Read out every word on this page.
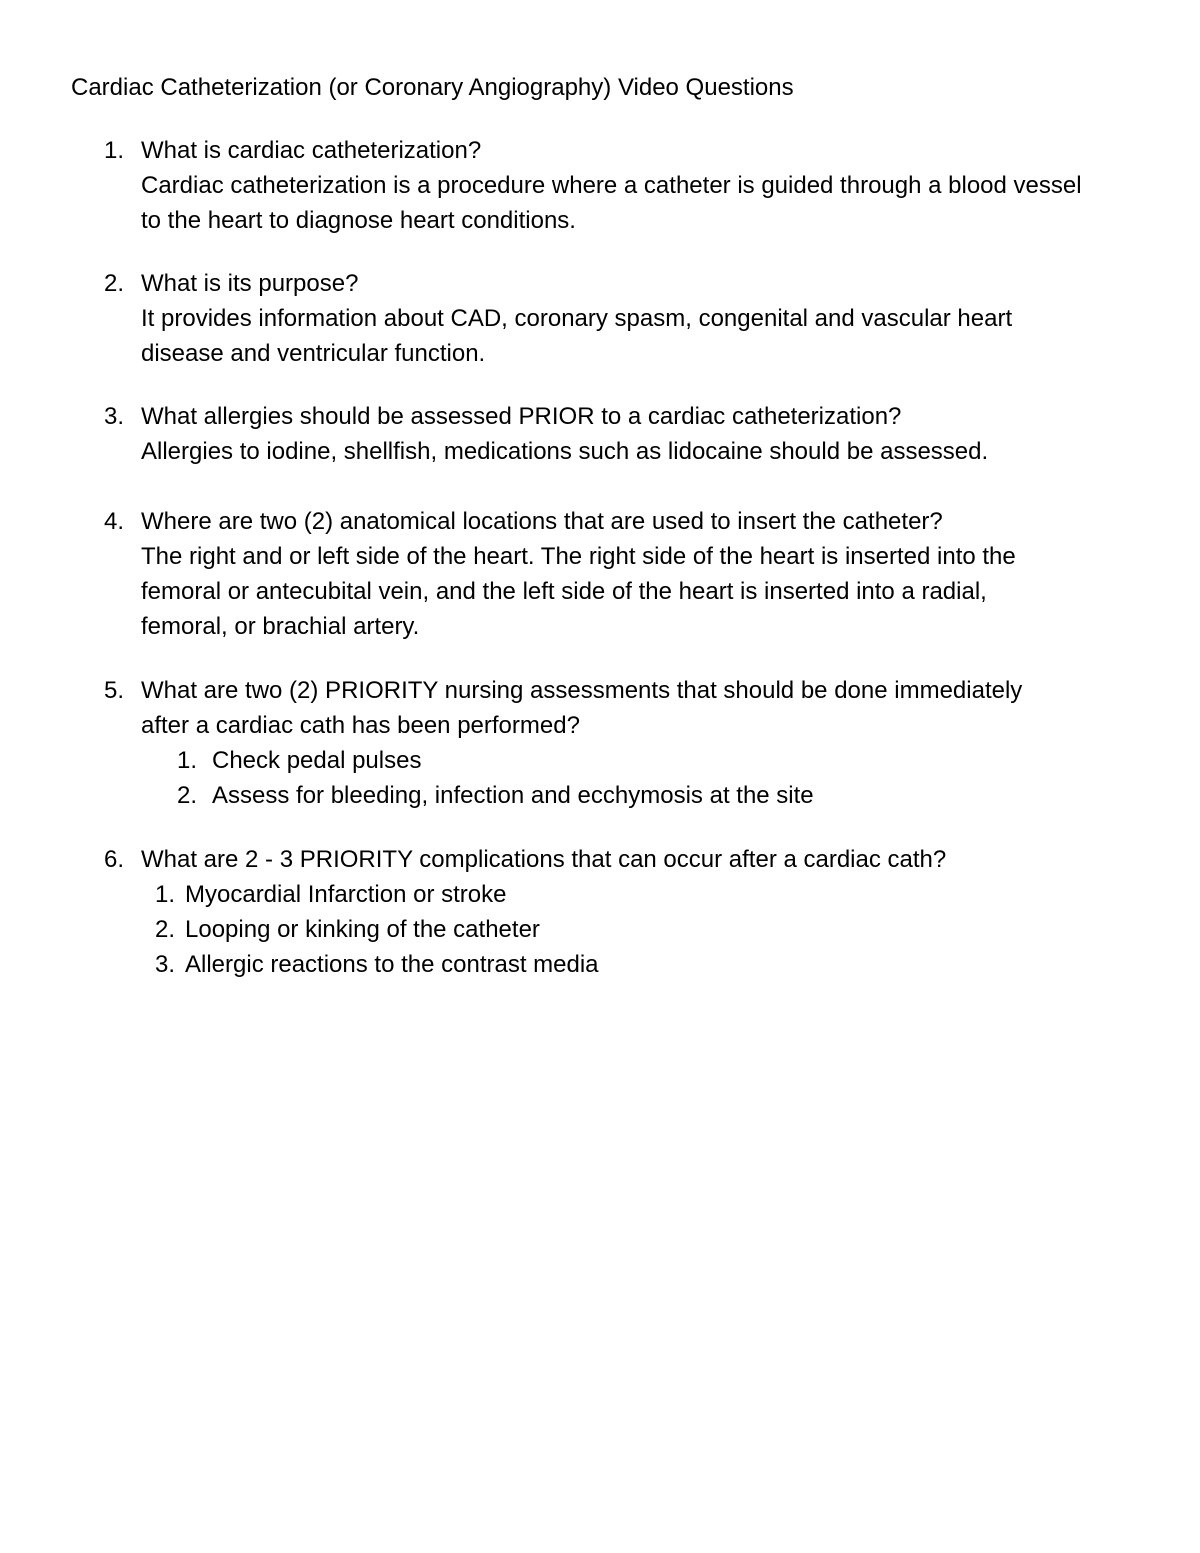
Cardiac Catheterization (or Coronary Angiography) Video Questions
1. What is cardiac catheterization?
Cardiac catheterization is a procedure where a catheter is guided through a blood vessel
to the heart to diagnose heart conditions.
2. What is its purpose?
It provides information about CAD, coronary spasm, congenital and vascular heart
disease and ventricular function.
3. What allergies should be assessed PRIOR to a cardiac catheterization?
Allergies to iodine, shellfish, medications such as lidocaine should be assessed.
4. Where are two (2) anatomical locations that are used to insert the catheter?
The right and or left side of the heart. The right side of the heart is inserted into the
femoral or antecubital vein, and the left side of the heart is inserted into a radial,
femoral, or brachial artery.
5. What are two (2) PRIORITY nursing assessments that should be done immediately
after a cardiac cath has been performed?
1. Check pedal pulses
2. Assess for bleeding, infection and ecchymosis at the site
6. What are 2 - 3 PRIORITY complications that can occur after a cardiac cath?
1. Myocardial Infarction or stroke
2. Looping or kinking of the catheter
3. Allergic reactions to the contrast media
